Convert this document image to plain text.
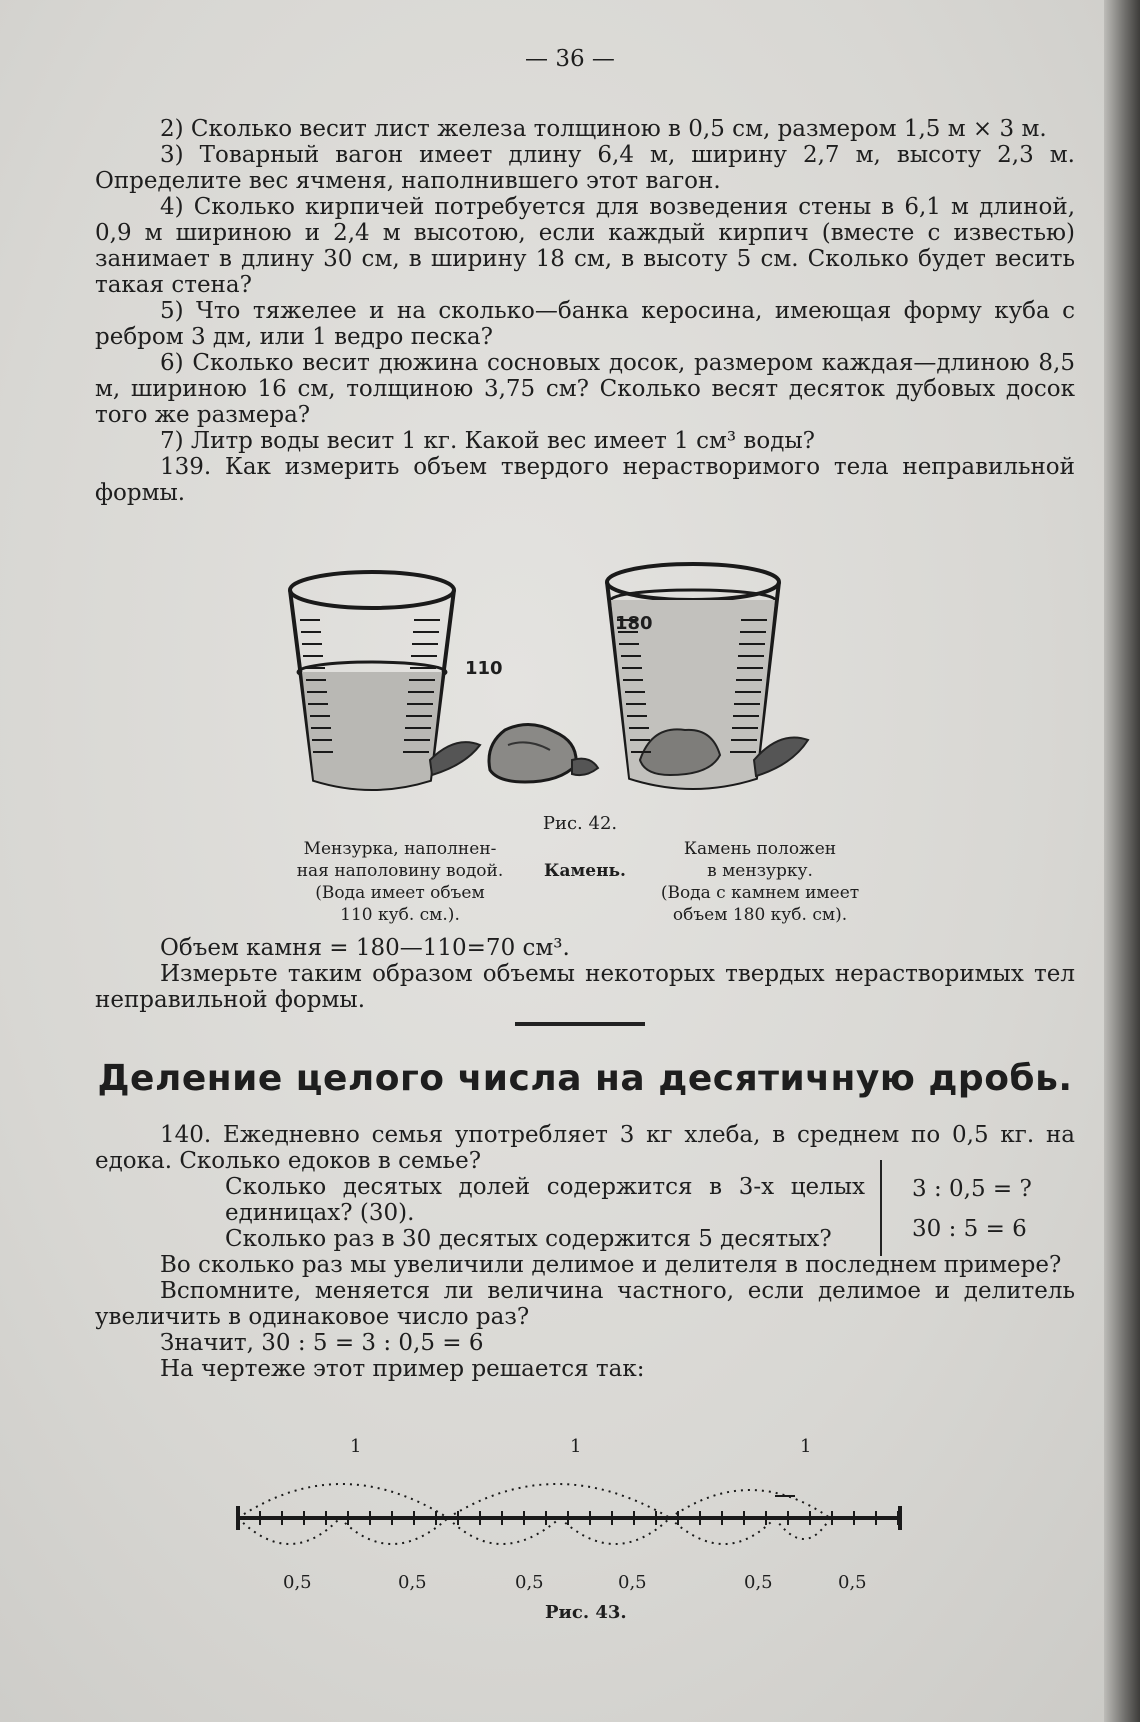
— 36 —

2) Сколько весит лист железа толщиною в 0,5 см, размером 1,5 м × 3 м.

3) Товарный вагон имеет длину 6,4 м, ширину 2,7 м, высоту 2,3 м. Определите вес ячменя, наполнившего этот вагон.

4) Сколько кирпичей потребуется для возведения стены в 6,1 м длиной, 0,9 м шириною и 2,4 м высотою, если каждый кирпич (вместе с известью) занимает в длину 30 см, в ширину 18 см, в высоту 5 см. Сколько будет весить такая стена?

5) Что тяжелее и на сколько—банка керосина, имеющая форму куба с ребром 3 дм, или 1 ведро песка?

6) Сколько весит дюжина сосновых досок, размером каждая—длиною 8,5 м, шириною 16 см, толщиною 3,75 см? Сколько весят десяток дубовых досок того же размера?

7) Литр воды весит 1 кг. Какой вес имеет 1 см³ воды?

139. Как измерить объем твердого нерастворимого тела неправильной формы.

110
180
Рис. 42.
Мензурка, наполнен-
ная наполовину водой.
(Вода имеет объем
110 куб. см.).
Камень.
Камень положен
в мензурку.
(Вода с камнем имеет
объем 180 куб. см).

Объем камня = 180—110=70 см³.

Измерьте таким образом объемы некоторых твердых нерастворимых тел неправильной формы.

Деление целого числа на десятичную дробь.

140. Ежедневно семья употребляет 3 кг хлеба, в среднем по 0,5 кг. на едока. Сколько едоков в семье?

Сколько десятых долей содержится в 3-х целых единицах? (30).

Сколько раз в 30 десятых содержится 5 десятых?

Во сколько раз мы увеличили делимое и делителя в последнем примере?

Вспомните, меняется ли величина частного, если делимое и делитель увеличить в одинаковое число раз?

Значит, 30 : 5 = 3 : 0,5 = 6

На чертеже этот пример решается так:

3 : 0,5 = ?
30 : 5 = 6
1	1	1
0,5	0,5	0,5	0,5	0,5	0,5
Рис. 43.
